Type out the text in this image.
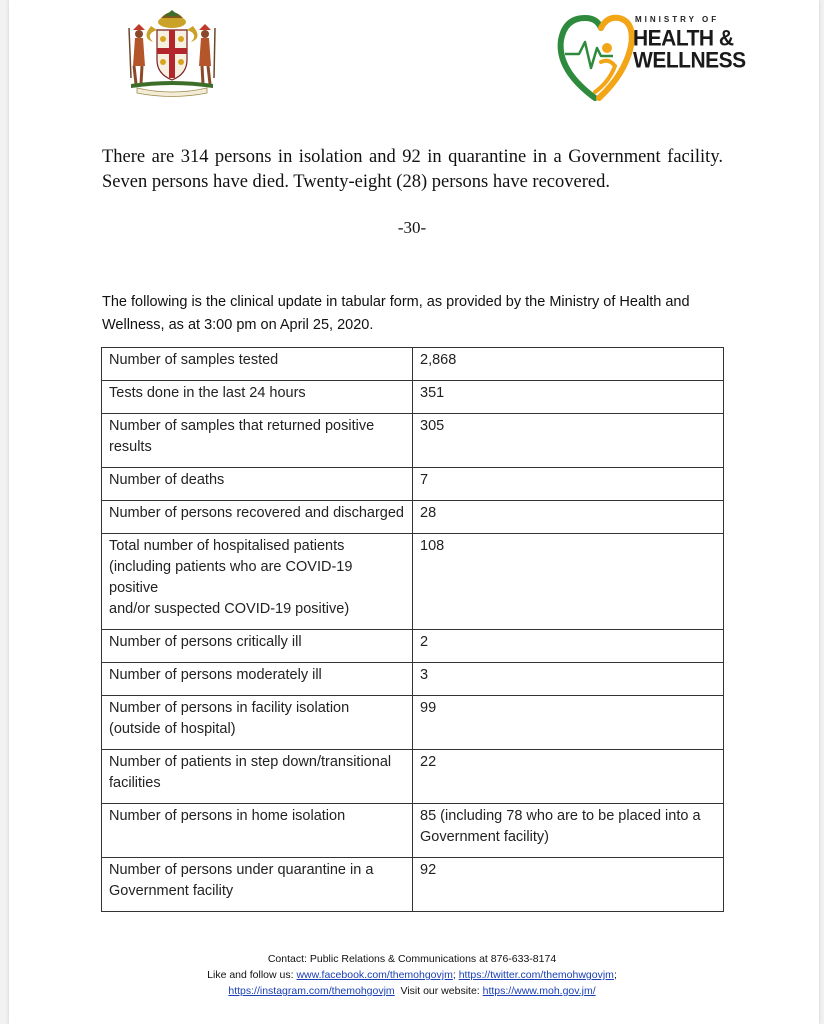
MINISTRY OF
HEALTH &
WELLNESS
There are 314 persons in isolation and 92 in quarantine in a Government facility.
Seven persons have died. Twenty-eight (28) persons have recovered.
-30-
The following is the clinical update in tabular form, as provided by the Ministry of Health and
Wellness, as at 3:00 pm on April 25, 2020.
Number of samples tested	2,868

Tests done in the last 24 hours	351

Number of samples that returned positive
results	305

Number of deaths	7

Number of persons recovered and discharged	28

Total number of hospitalised patients
(including patients who are COVID-19 positive
and/or suspected COVID-19 positive)	108

Number of persons critically ill	2

Number of persons moderately ill	3

Number of persons in facility isolation
(outside of hospital)	99

Number of patients in step down/transitional
facilities	22

Number of persons in home isolation	85 (including 78 who are to be placed into a
Government facility)

Number of persons under quarantine in a
Government facility	92
Contact: Public Relations & Communications at 876-633-8174
Like and follow us: www.facebook.com/themohgovjm; https://twitter.com/themohwgovjm;
https://instagram.com/themohgovjm  Visit our website: https://www.moh.gov.jm/
